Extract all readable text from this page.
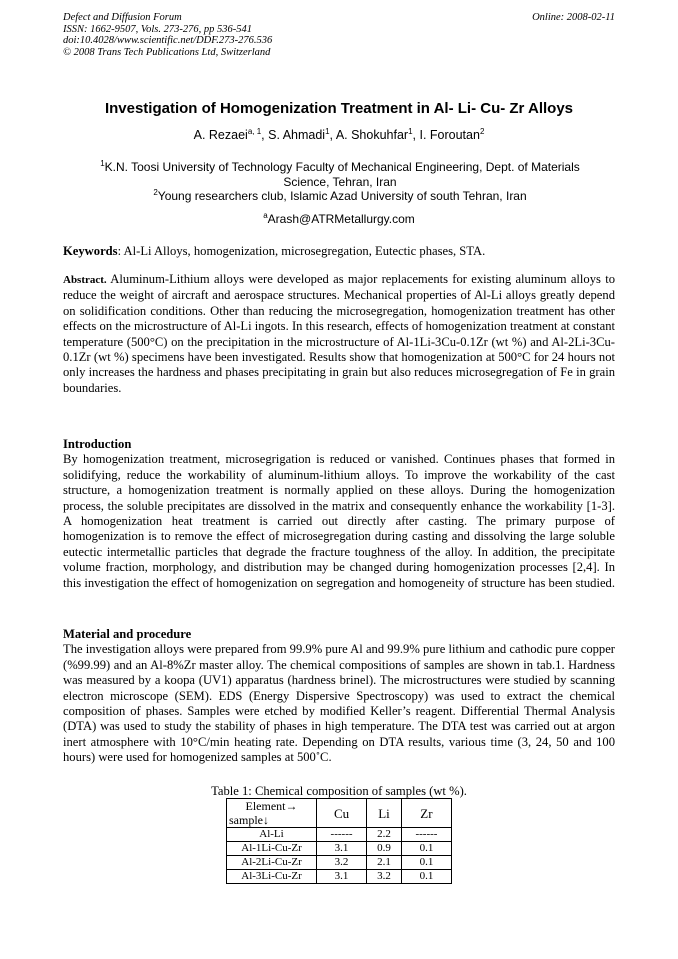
Defect and Diffusion Forum
ISSN: 1662-9507, Vols. 273-276, pp 536-541
doi:10.4028/www.scientific.net/DDF.273-276.536
© 2008 Trans Tech Publications Ltd, Switzerland
Online: 2008-02-11
Investigation of Homogenization Treatment in Al- Li- Cu- Zr Alloys
A. Rezaei$^{a, 1}$, S. Ahmadi$^1$, A. Shokuhfar$^1$, I. Foroutan$^2$
$^1$K.N. Toosi University of Technology Faculty of Mechanical Engineering, Dept. of Materials Science, Tehran, Iran
$^2$Young researchers club, Islamic Azad University of south Tehran, Iran
$^a$Arash@ATRMetallurgy.com
Keywords: Al-Li Alloys, homogenization, microsegregation, Eutectic phases, STA.
Abstract. Aluminum-Lithium alloys were developed as major replacements for existing aluminum alloys to reduce the weight of aircraft and aerospace structures. Mechanical properties of Al-Li alloys greatly depend on solidification conditions. Other than reducing the microsegregation, homogenization treatment has other effects on the microstructure of Al-Li ingots. In this research, effects of homogenization treatment at constant temperature (500°C) on the precipitation in the microstructure of Al-1Li-3Cu-0.1Zr (wt %) and Al-2Li-3Cu- 0.1Zr (wt %) specimens have been investigated. Results show that homogenization at 500°C for 24 hours not only increases the hardness and phases precipitating in grain but also reduces microsegregation of Fe in grain boundaries.
Introduction
By homogenization treatment, microsegrigation is reduced or vanished. Continues phases that formed in solidifying, reduce the workability of aluminum-lithium alloys. To improve the workability of the cast structure, a homogenization treatment is normally applied on these alloys. During the homogenization process, the soluble precipitates are dissolved in the matrix and consequently enhance the workability [1-3]. A homogenization heat treatment is carried out directly after casting. The primary purpose of homogenization is to remove the effect of microsegregation during casting and dissolving the large soluble eutectic intermetallic particles that degrade the fracture toughness of the alloy. In addition, the precipitate volume fraction, morphology, and distribution may be changed during homogenization processes [2,4]. In this investigation the effect of homogenization on segregation and homogeneity of structure has been studied.
Material and procedure
The investigation alloys were prepared from 99.9% pure Al and 99.9% pure lithium and cathodic pure copper (%99.99) and an Al-8%Zr master alloy. The chemical compositions of samples are shown in tab.1. Hardness was measured by a koopa (UV1) apparatus (hardness brinel). The microstructures were studied by scanning electron microscope (SEM). EDS (Energy Dispersive Spectroscopy) was used to extract the chemical composition of phases. Samples were etched by modified Keller’s reagent. Differential Thermal Analysis (DTA) was used to study the stability of phases in high temperature. The DTA test was carried out at argon inert atmosphere with 10°C/min heating rate. Depending on DTA results, various time (3, 24, 50 and 100 hours) were used for homogenized samples at 500˚C.
Table 1: Chemical composition of samples (wt %).
Element→

sample↓	Cu	Li	Zr
Al-Li	------	2.2	------
Al-1Li-Cu-Zr	3.1	0.9	0.1
Al-2Li-Cu-Zr	3.2	2.1	0.1
Al-3Li-Cu-Zr	3.1	3.2	0.1
